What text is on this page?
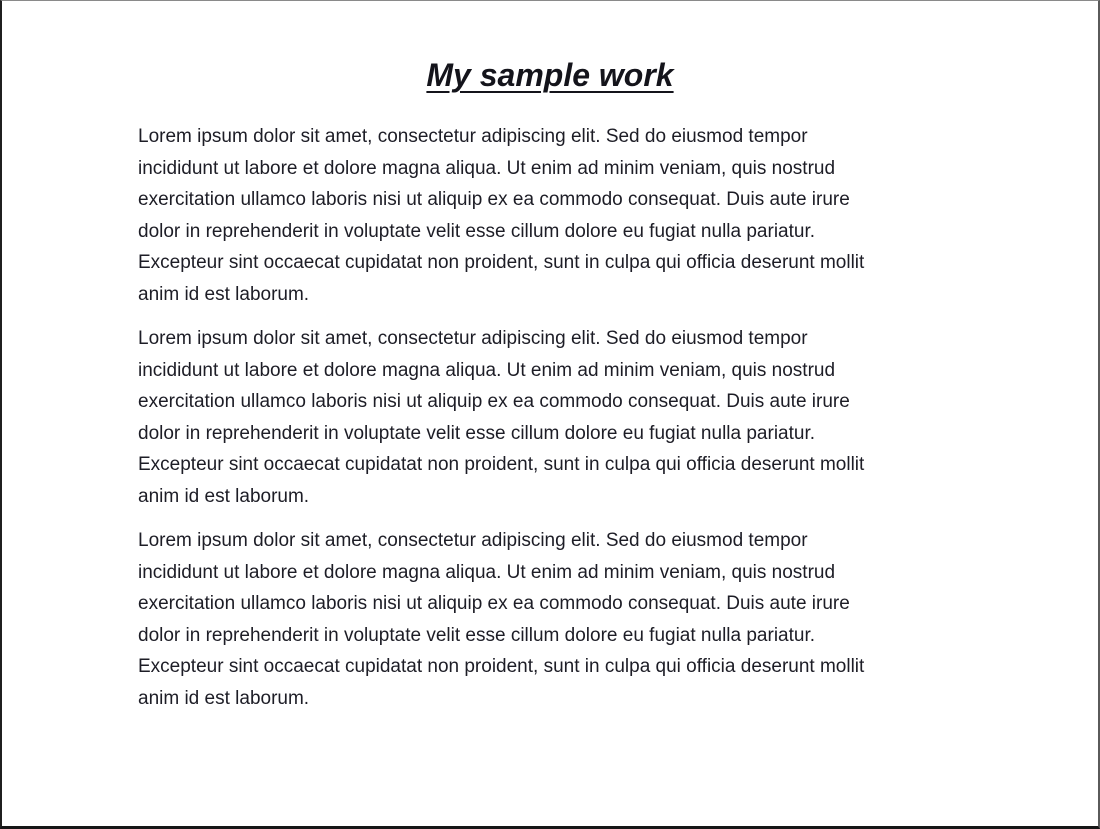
My sample work
Lorem ipsum dolor sit amet, consectetur adipiscing elit. Sed do eiusmod tempor
incididunt ut labore et dolore magna aliqua. Ut enim ad minim veniam, quis nostrud
exercitation ullamco laboris nisi ut aliquip ex ea commodo consequat. Duis aute irure
dolor in reprehenderit in voluptate velit esse cillum dolore eu fugiat nulla pariatur.
Excepteur sint occaecat cupidatat non proident, sunt in culpa qui officia deserunt mollit
anim id est laborum.
Lorem ipsum dolor sit amet, consectetur adipiscing elit. Sed do eiusmod tempor
incididunt ut labore et dolore magna aliqua. Ut enim ad minim veniam, quis nostrud
exercitation ullamco laboris nisi ut aliquip ex ea commodo consequat. Duis aute irure
dolor in reprehenderit in voluptate velit esse cillum dolore eu fugiat nulla pariatur.
Excepteur sint occaecat cupidatat non proident, sunt in culpa qui officia deserunt mollit
anim id est laborum.
Lorem ipsum dolor sit amet, consectetur adipiscing elit. Sed do eiusmod tempor
incididunt ut labore et dolore magna aliqua. Ut enim ad minim veniam, quis nostrud
exercitation ullamco laboris nisi ut aliquip ex ea commodo consequat. Duis aute irure
dolor in reprehenderit in voluptate velit esse cillum dolore eu fugiat nulla pariatur.
Excepteur sint occaecat cupidatat non proident, sunt in culpa qui officia deserunt mollit
anim id est laborum.
